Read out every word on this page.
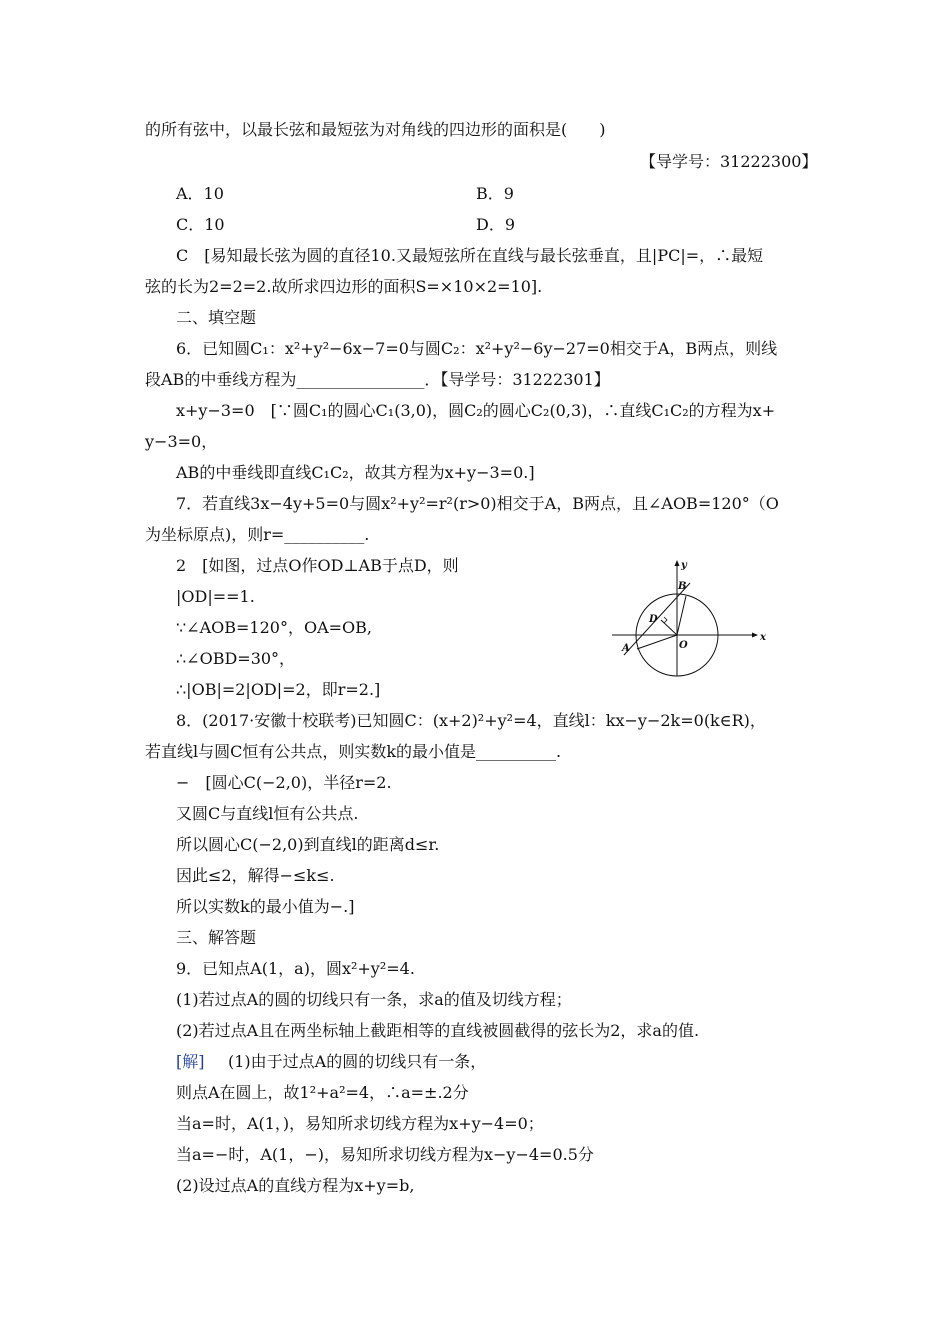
的所有弦中，以最长弦和最短弦为对角线的四边形的面积是(　　)
【导学号：31222300】
A．10	B．9
C．10	D．9
C　[易知最长弦为圆的直径10.又最短弦所在直线与最长弦垂直，且|PC|=，∴最短
弦的长为2=2=2.故所求四边形的面积S=×10×2=10].
二、填空题
6．已知圆C₁：x²+y²−6x−7=0与圆C₂：x²+y²−6y−27=0相交于A，B两点，则线
段AB的中垂线方程为________________．【导学号：31222301】
x+y−3=0　[∵圆C₁的圆心C₁(3,0)，圆C₂的圆心C₂(0,3)，∴直线C₁C₂的方程为x+
y−3=0，
AB的中垂线即直线C₁C₂，故其方程为x+y−3=0.]
7．若直线3x−4y+5=0与圆x²+y²=r²(r>0)相交于A，B两点，且∠AOB=120°（O
为坐标原点)，则r=__________.
2　[如图，过点O作OD⊥AB于点D，则
|OD|==1.
∵∠AOB=120°，OA=OB,
∴∠OBD=30°，
∴|OB|=2|OD|=2，即r=2.]
y
x
B
D
O
A
8．(2017·安徽十校联考)已知圆C：(x+2)²+y²=4，直线l：kx−y−2k=0(k∈R)，
若直线l与圆C恒有公共点，则实数k的最小值是__________.
−　[圆心C(−2,0)，半径r=2.
又圆C与直线l恒有公共点.
所以圆心C(−2,0)到直线l的距离d≤r.
因此≤2，解得−≤k≤.
所以实数k的最小值为−.]
三、解答题
9．已知点A(1，a)，圆x²+y²=4.
(1)若过点A的圆的切线只有一条，求a的值及切线方程；
(2)若过点A且在两坐标轴上截距相等的直线被圆截得的弦长为2，求a的值.
[解] (1)由于过点A的圆的切线只有一条，
则点A在圆上，故1²+a²=4，∴a=±.2分
当a=时，A(1，)，易知所求切线方程为x+y−4=0；
当a=−时，A(1，−)，易知所求切线方程为x−y−4=0.5分
(2)设过点A的直线方程为x+y=b,
